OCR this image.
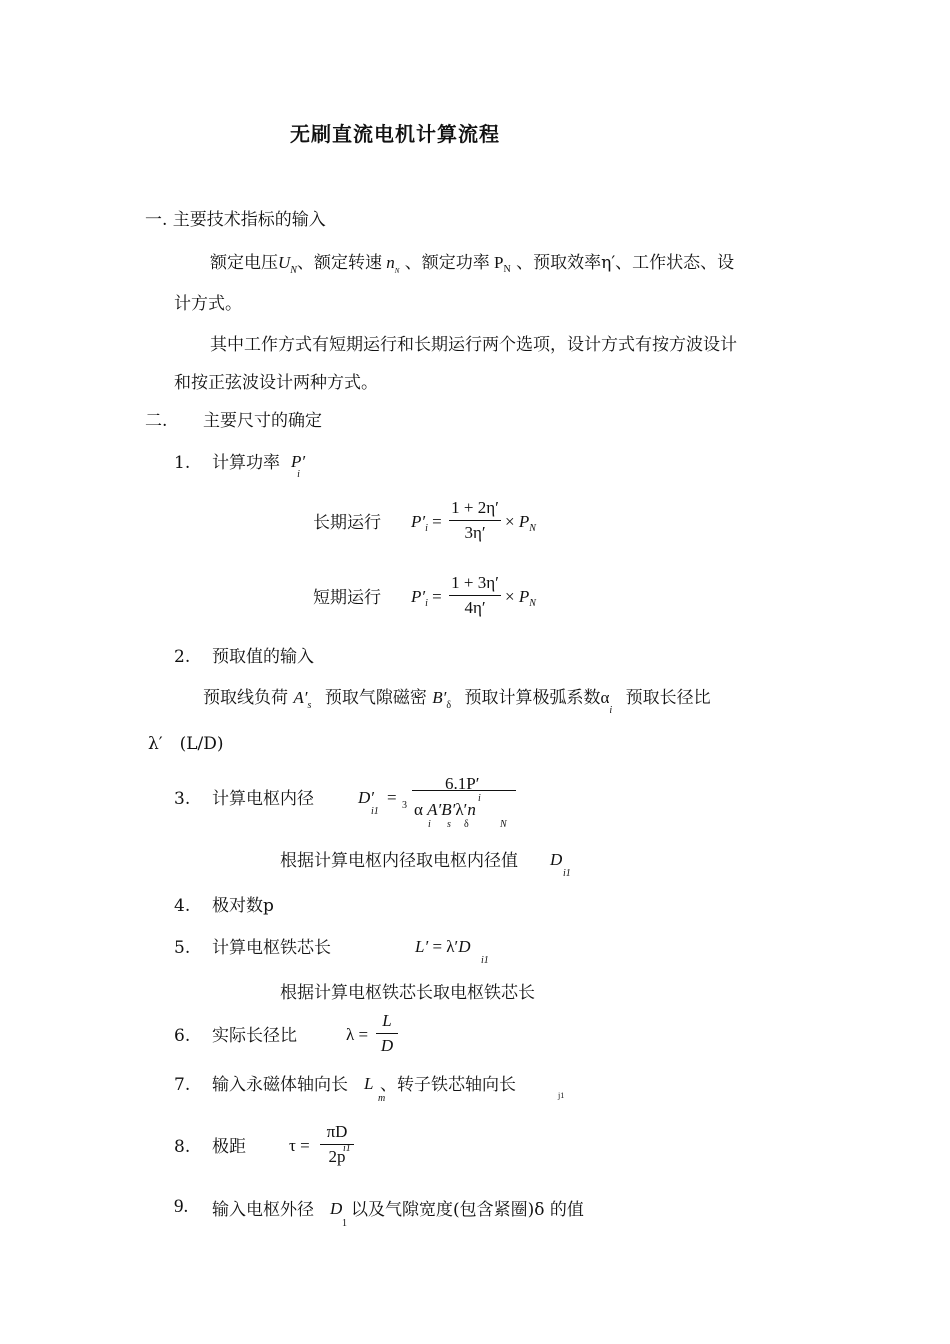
无刷直流电机计算流程
一. 主要技术指标的输入
额定电压$U_N$、额定转速 $n_N$ 、额定功率 $P_N$ 、预取效率η′、工作状态、设
计方式。
其中工作方式有短期运行和长期运行两个选项，设计方式有按方波设计
和按正弦波设计两种方式。
二. 主要尺寸的确定
1. 计算功率 $P'_i$
长期运行 $P'_i$ =
1 + 2η′
3η′
× $P_N$
短期运行 $P'_i$ =
1 + 3η′
4η′
× $P_N$
2. 预取值的输入
预取线负荷 $A'_s$ 预取气隙磁密 $B'_\delta$ 预取计算极弧系数$\alpha_i$ 预取长径比
λ′　(L/D)
3. 计算电枢内径	D′
i1
= 3
6.1P′
i
α A′B′λ′n
i s δ	N
根据计算电枢内径取电枢内径值 D
i1
4. 极对数p
5. 计算电枢铁芯长	L′ = λ′D
i1
根据计算电枢铁芯长取电枢铁芯长
6. 实际长径比	λ =
L
D
7. 输入永磁体轴向长 L
m
、转子铁芯轴向长
j1
8. 极距	τ =
πD
2p
i1
9. 输入电枢外径 D
1
以及气隙宽度(包含紧圈)δ 的值
